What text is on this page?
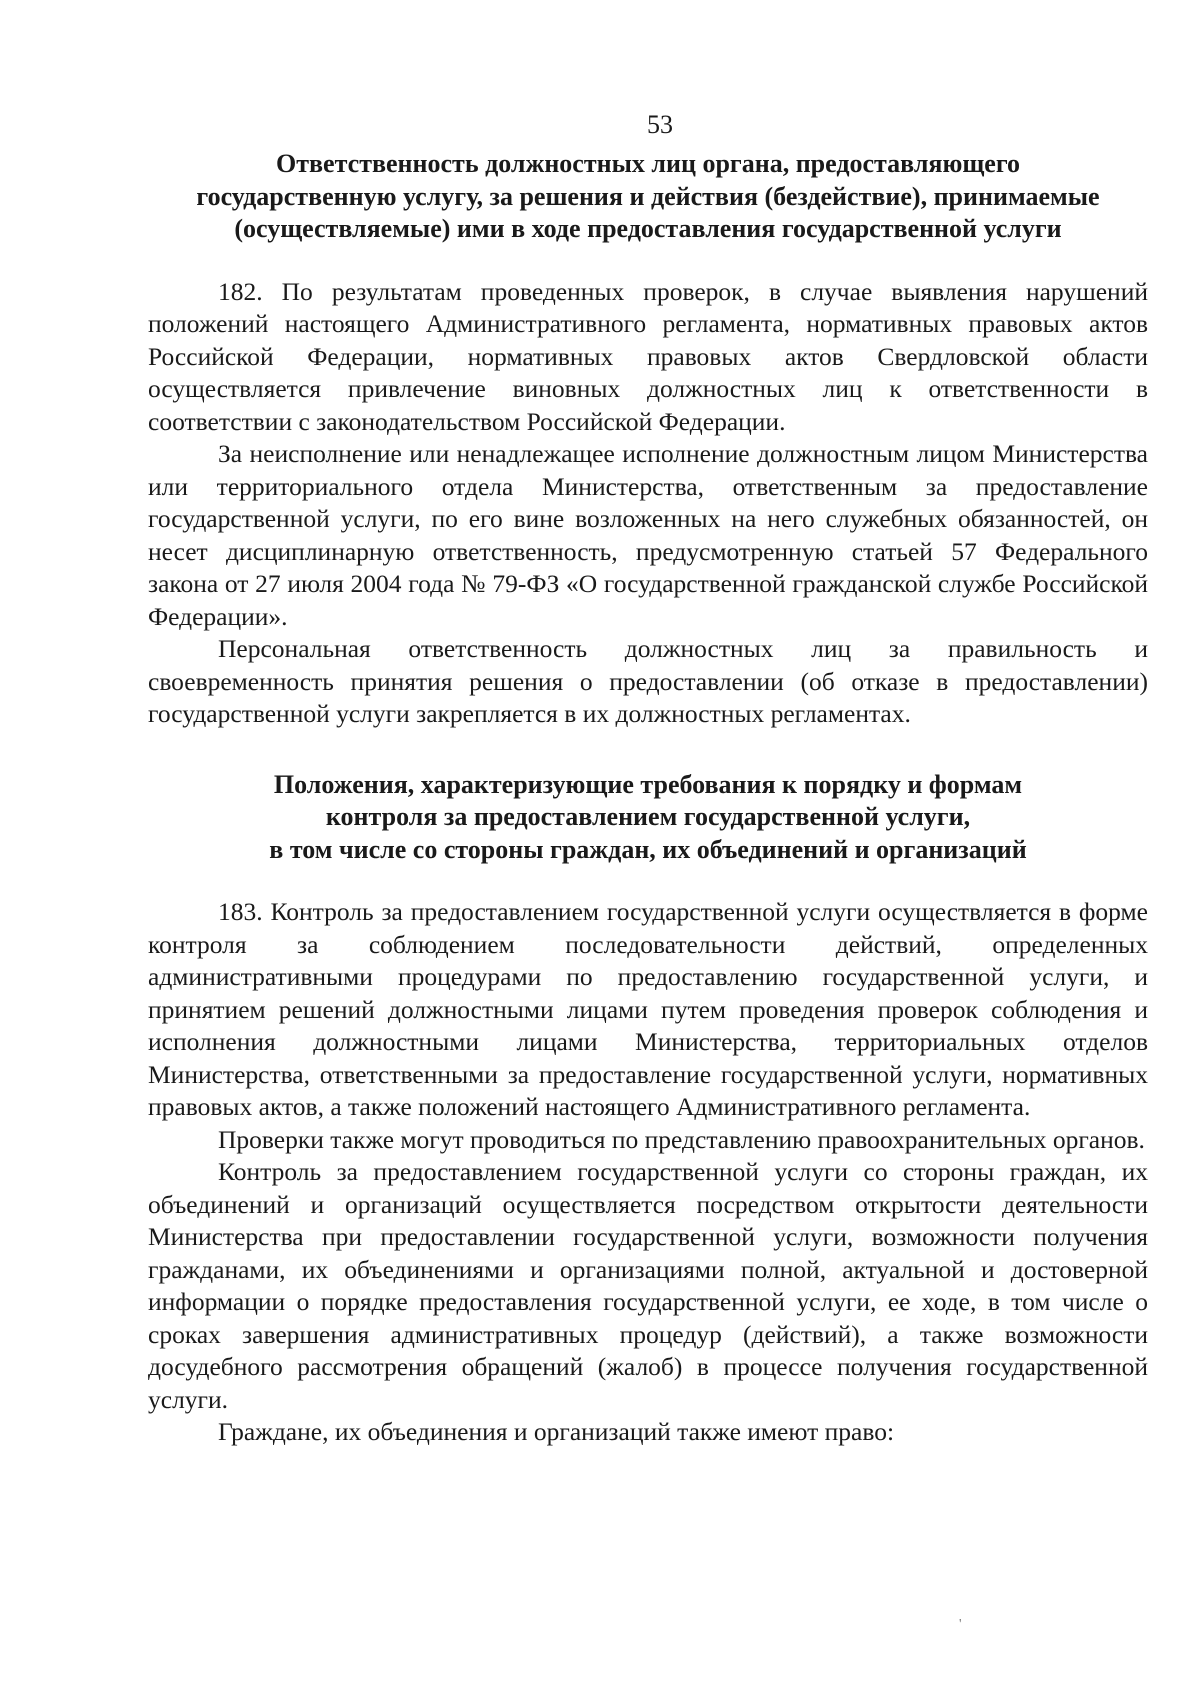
53
Ответственность должностных лиц органа, предоставляющего
государственную услугу, за решения и действия (бездействие), принимаемые
(осуществляемые) ими в ходе предоставления государственной услуги

182. По результатам проведенных проверок, в случае выявления нарушений положений настоящего Административного регламента, нормативных правовых актов Российской Федерации, нормативных правовых актов Свердловской области осуществляется привлечение виновных должностных лиц к ответственности в соответствии с законодательством Российской Федерации.

За неисполнение или ненадлежащее исполнение должностным лицом Министерства или территориального отдела Министерства, ответственным за предоставление государственной услуги, по его вине возложенных на него служебных обязанностей, он несет дисциплинарную ответственность, предусмотренную статьей 57 Федерального закона от 27 июля 2004 года № 79-ФЗ «О государственной гражданской службе Российской Федерации».

Персональная ответственность должностных лиц за правильность и своевременность принятия решения о предоставлении (об отказе в предоставлении) государственной услуги закрепляется в их должностных регламентах.

Положения, характеризующие требования к порядку и формам
контроля за предоставлением государственной услуги,
в том числе со стороны граждан, их объединений и организаций

183. Контроль за предоставлением государственной услуги осуществляется в форме контроля за соблюдением последовательности действий, определенных административными процедурами по предоставлению государственной услуги, и принятием решений должностными лицами путем проведения проверок соблюдения и исполнения должностными лицами Министерства, территориальных отделов Министерства, ответственными за предоставление государственной услуги, нормативных правовых актов, а также положений настоящего Административного регламента.

Проверки также могут проводиться по представлению правоохранительных органов.

Контроль за предоставлением государственной услуги со стороны граждан, их объединений и организаций осуществляется посредством открытости деятельности Министерства при предоставлении государственной услуги, возможности получения гражданами, их объединениями и организациями полной, актуальной и достоверной информации о порядке предоставления государственной услуги, ее ходе, в том числе о сроках завершения административных процедур (действий), а также возможности досудебного рассмотрения обращений (жалоб) в процессе получения государственной услуги.

Граждане, их объединения и организаций также имеют право:

'
